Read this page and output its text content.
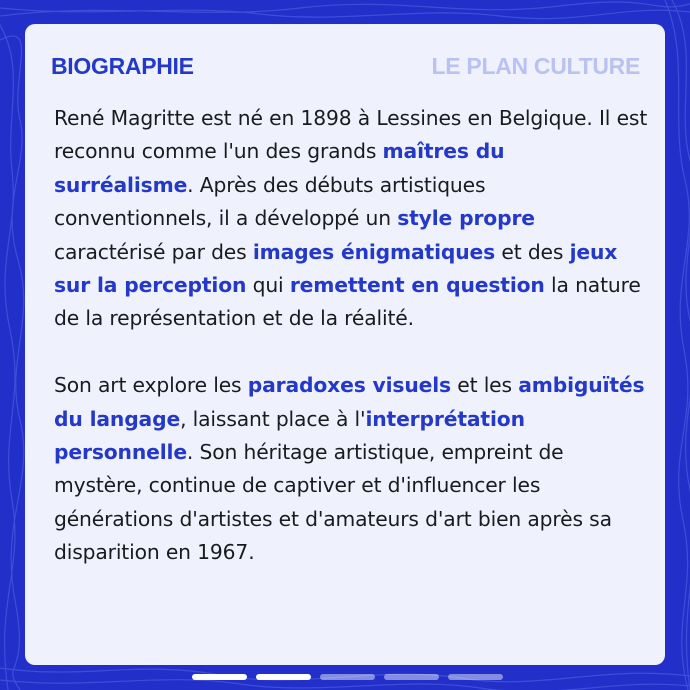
BIOGRAPHIE	LE PLAN CULTURE

René Magritte est né en 1898 à Lessines en Belgique. Il est reconnu comme l'un des grands maîtres du surréalisme. Après des débuts artistiques conventionnels, il a développé un style propre caractérisé par des images énigmatiques et des jeux sur la perception qui remettent en question la nature de la représentation et de la réalité.

Son art explore les paradoxes visuels et les ambiguïtés du langage, laissant place à l'interprétation personnelle. Son héritage artistique, empreint de mystère, continue de captiver et d'influencer les générations d'artistes et d'amateurs d'art bien après sa disparition en 1967.
